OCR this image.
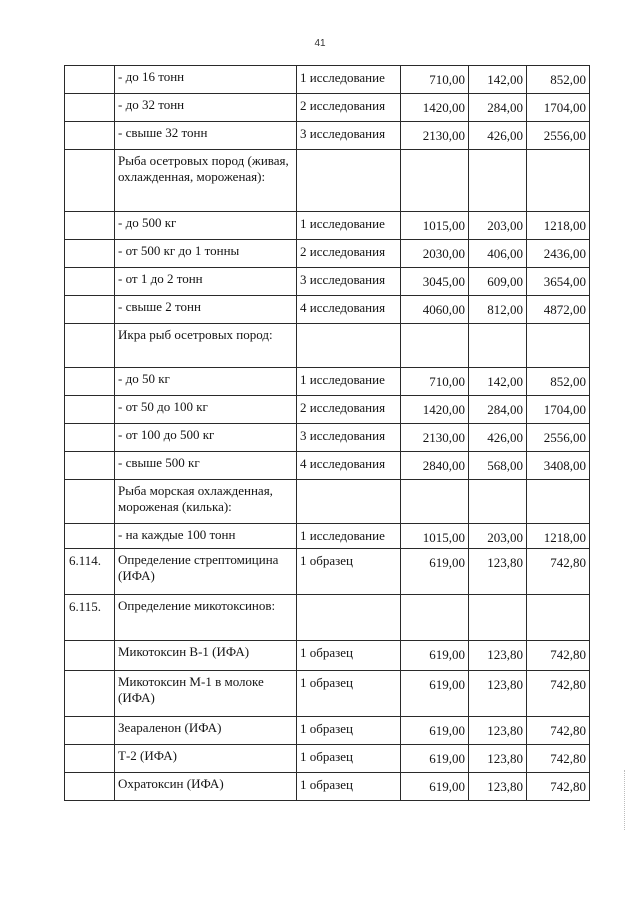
41
	- до 16 тонн	1 исследование	710,00	142,00	852,00
	- до 32 тонн	2 исследования	1420,00	284,00	1704,00
	- свыше 32 тонн	3 исследования	2130,00	426,00	2556,00
	Рыба осетровых пород (живая, охлажденная, мороженая):				
	- до 500 кг	1 исследование	1015,00	203,00	1218,00
	- от 500 кг до 1 тонны	2 исследования	2030,00	406,00	2436,00
	- от 1 до 2 тонн	3 исследования	3045,00	609,00	3654,00
	- свыше 2 тонн	4 исследования	4060,00	812,00	4872,00
	Икра рыб осетровых пород:				
	- до 50 кг	1 исследование	710,00	142,00	852,00
	- от 50 до 100 кг	2 исследования	1420,00	284,00	1704,00
	- от 100 до 500 кг	3 исследования	2130,00	426,00	2556,00
	- свыше 500 кг	4 исследования	2840,00	568,00	3408,00
	Рыба морская охлажденная, мороженая (килька):				
	- на каждые 100 тонн	1 исследование	1015,00	203,00	1218,00
6.114.	Определение стрептомицина (ИФА)	1 образец	619,00	123,80	742,80
6.115.	Определение микотоксинов:				
	Микотоксин В-1 (ИФА)	1 образец	619,00	123,80	742,80
	Микотоксин М-1 в молоке (ИФА)	1 образец	619,00	123,80	742,80
	Зеараленон (ИФА)	1 образец	619,00	123,80	742,80
	Т-2 (ИФА)	1 образец	619,00	123,80	742,80
	Охратоксин (ИФА)	1 образец	619,00	123,80	742,80
